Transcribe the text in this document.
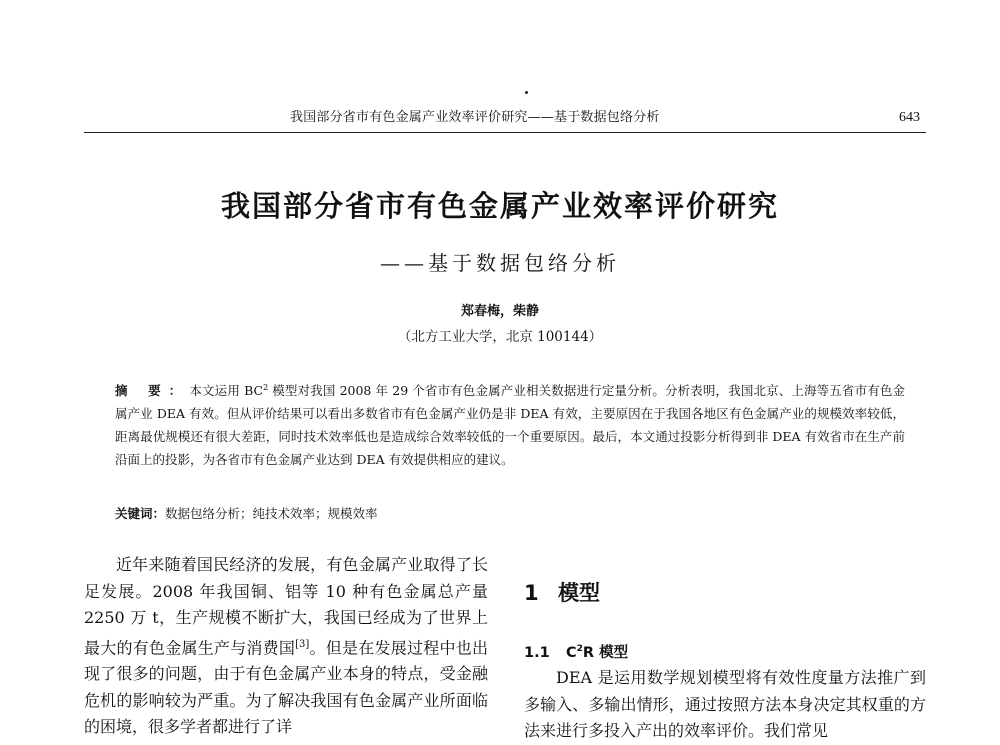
我国部分省市有色金属产业效率评价研究——基于数据包络分析	643
我国部分省市有色金属产业效率评价研究
——基于数据包络分析
郑春梅，柴静
（北方工业大学，北京 100144）
摘 要：本文运用 $BC^2$ 模型对我国 2008 年 29 个省市有色金属产业相关数据进行定量分析。分析表明，我国北京、上海等五省市有色金属产业 DEA 有效。但从评价结果可以看出多数省市有色金属产业仍是非 DEA 有效，主要原因在于我国各地区有色金属产业的规模效率较低，距离最优规模还有很大差距，同时技术效率低也是造成综合效率较低的一个重要原因。最后，本文通过投影分析得到非 DEA 有效省市在生产前沿面上的投影，为各省市有色金属产业达到 DEA 有效提供相应的建议。
关键词：数据包络分析；纯技术效率；规模效率

近年来随着国民经济的发展，有色金属产业取得了长足发展。2008 年我国铜、铝等 10 种有色金属总产量 2250 万 t，生产规模不断扩大，我国已经成为了世界上最大的有色金属生产与消费国[3]。但是在发展过程中也出现了很多的问题，由于有色金属产业本身的特点，受金融危机的影响较为严重。为了解决我国有色金属产业所面临的困境，很多学者都进行了详

1 模型
1.1 $C^2R$ 模型

DEA 是运用数学规划模型将有效性度量方法推广到多输入、多输出情形，通过按照方法本身决定其权重的方法来进行多投入产出的效率评价。我们常见
